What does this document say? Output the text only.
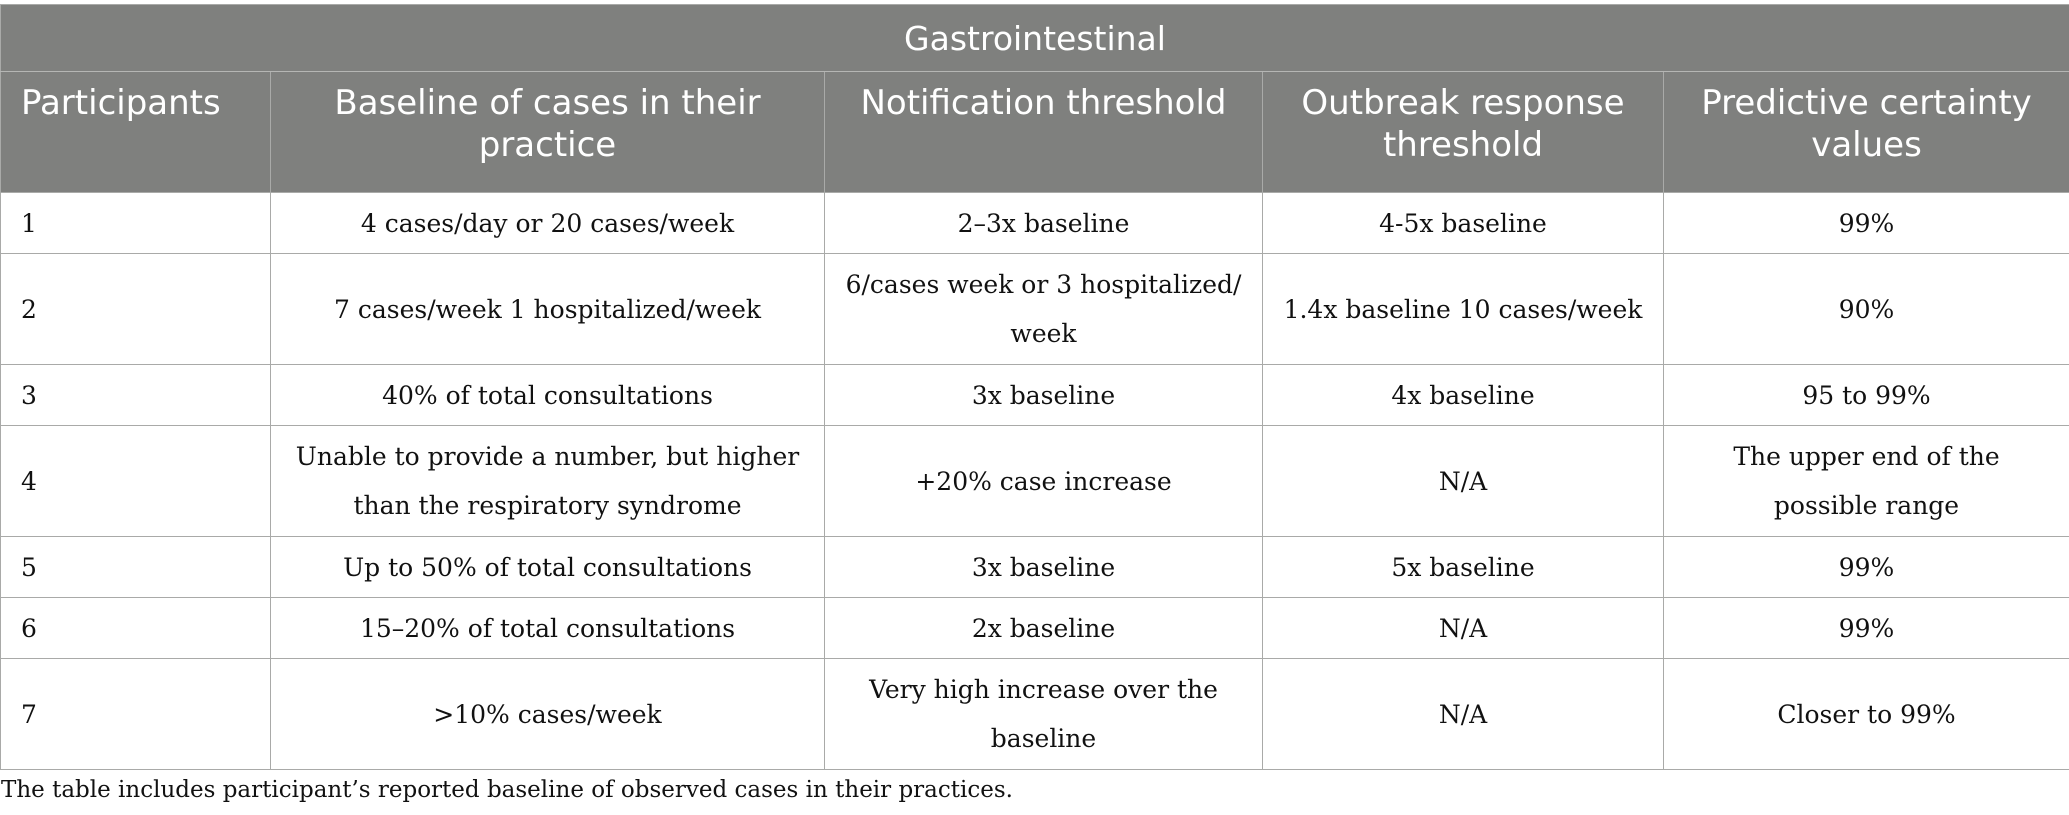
Gastrointestinal				
Participants	Baseline of cases in their practice	Notification threshold	Outbreak response threshold	Predictive certainty values
1	4 cases/day or 20 cases/week	2–3x baseline	4-5x baseline	99%
2	7 cases/week 1 hospitalized/week	6/cases week or 3 hospitalized/ week	1.4x baseline 10 cases/week	90%
3	40% of total consultations	3x baseline	4x baseline	95 to 99%
4	Unable to provide a number, but higher than the respiratory syndrome	+20% case increase	N/A	The upper end of the possible range
5	Up to 50% of total consultations	3x baseline	5x baseline	99%
6	15–20% of total consultations	2x baseline	N/A	99%
7	>10% cases/week	Very high increase over the baseline	N/A	Closer to 99%
The table includes participant’s reported baseline of observed cases in their practices.
